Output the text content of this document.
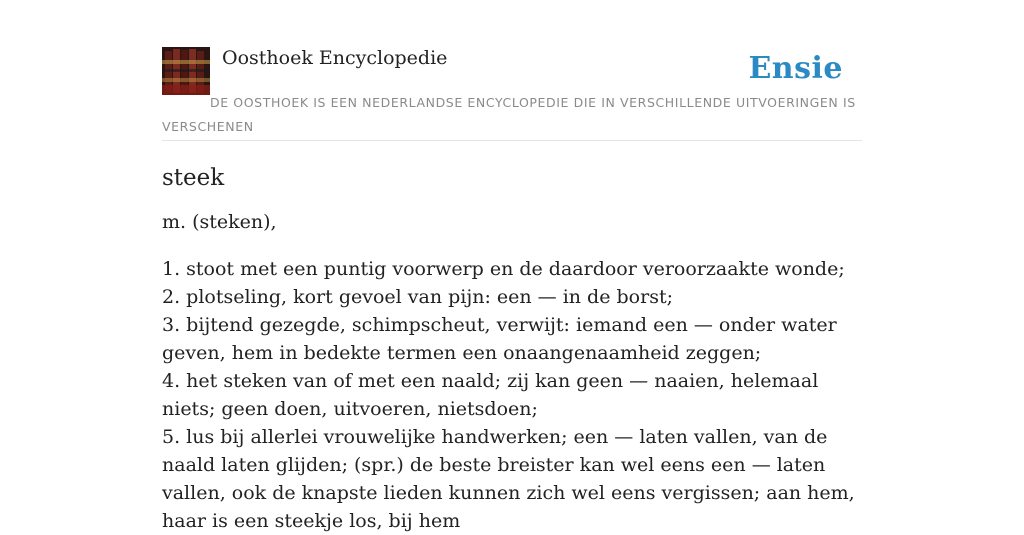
Oosthoek Encyclopedie	Ensie
DE OOSTHOEK IS EEN NEDERLANDSE ENCYCLOPEDIE DIE IN VERSCHILLENDE UITVOERINGEN IS VERSCHENEN
steek

m. (steken),

1. stoot met een puntig voorwerp en de daardoor veroorzaakte wonde;
2. plotseling, kort gevoel van pijn: een — in de borst;
3. bijtend gezegde, schimpscheut, verwijt: iemand een — onder water geven, hem in bedekte termen een onaangenaamheid zeggen;
4. het steken van of met een naald; zij kan geen — naaien, helemaal niets; geen doen, uitvoeren, nietsdoen;
5. lus bij allerlei vrouwelijke handwerken; een — laten vallen, van de naald laten glijden; (spr.) de beste breister kan wel eens een — laten vallen, ook de knapste lieden kunnen zich wel eens vergissen; aan hem, haar is een steekje los, bij hem
